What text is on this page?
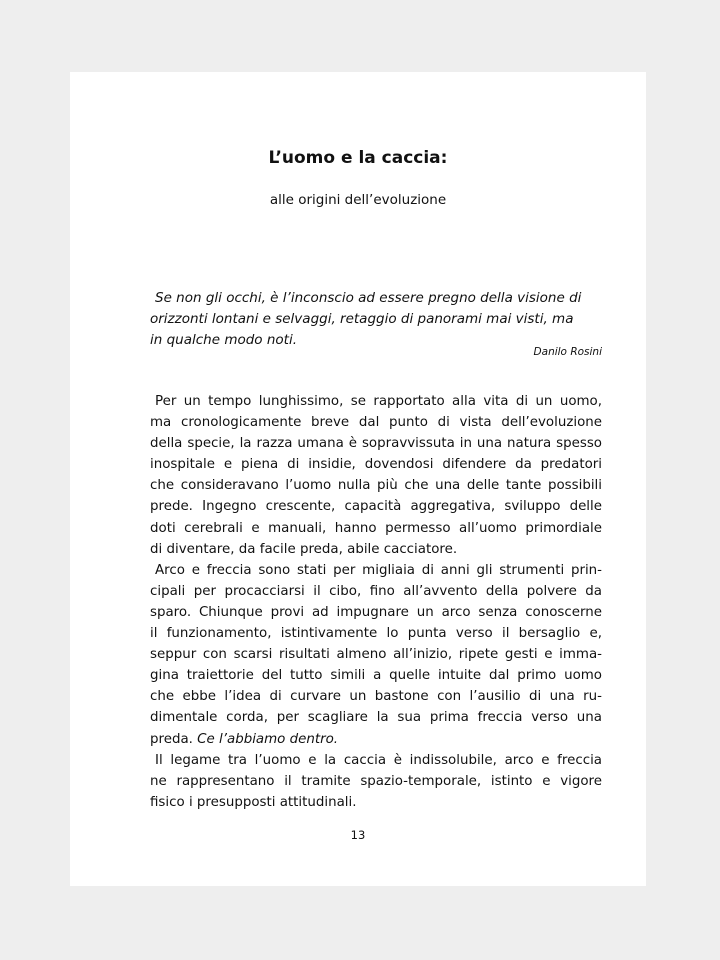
L’uomo e la caccia:
alle origini dell’evoluzione
Se non gli occhi, è l’inconscio ad essere pregno della visione di
orizzonti lontani e selvaggi, retaggio di panorami mai visti, ma
in qualche modo noti.
Danilo Rosini
Per un tempo lunghissimo, se rapportato alla vita di un uomo,
ma cronologicamente breve dal punto di vista dell’evoluzione
della specie, la razza umana è sopravvissuta in una natura spesso
inospitale e piena di insidie, dovendosi difendere da predatori
che consideravano l’uomo nulla più che una delle tante possibili
prede. Ingegno crescente, capacità aggregativa, sviluppo delle
doti cerebrali e manuali, hanno permesso all’uomo primordiale
di diventare, da facile preda, abile cacciatore.
Arco e freccia sono stati per migliaia di anni gli strumenti prin-
cipali per procacciarsi il cibo, fino all’avvento della polvere da
sparo. Chiunque provi ad impugnare un arco senza conoscerne
il funzionamento, istintivamente lo punta verso il bersaglio e,
seppur con scarsi risultati almeno all’inizio, ripete gesti e imma-
gina traiettorie del tutto simili a quelle intuite dal primo uomo
che ebbe l’idea di curvare un bastone con l’ausilio di una ru-
dimentale corda, per scagliare la sua prima freccia verso una
preda. Ce l’abbiamo dentro.
Il legame tra l’uomo e la caccia è indissolubile, arco e freccia
ne rappresentano il tramite spazio-temporale, istinto e vigore
fisico i presupposti attitudinali.
13
